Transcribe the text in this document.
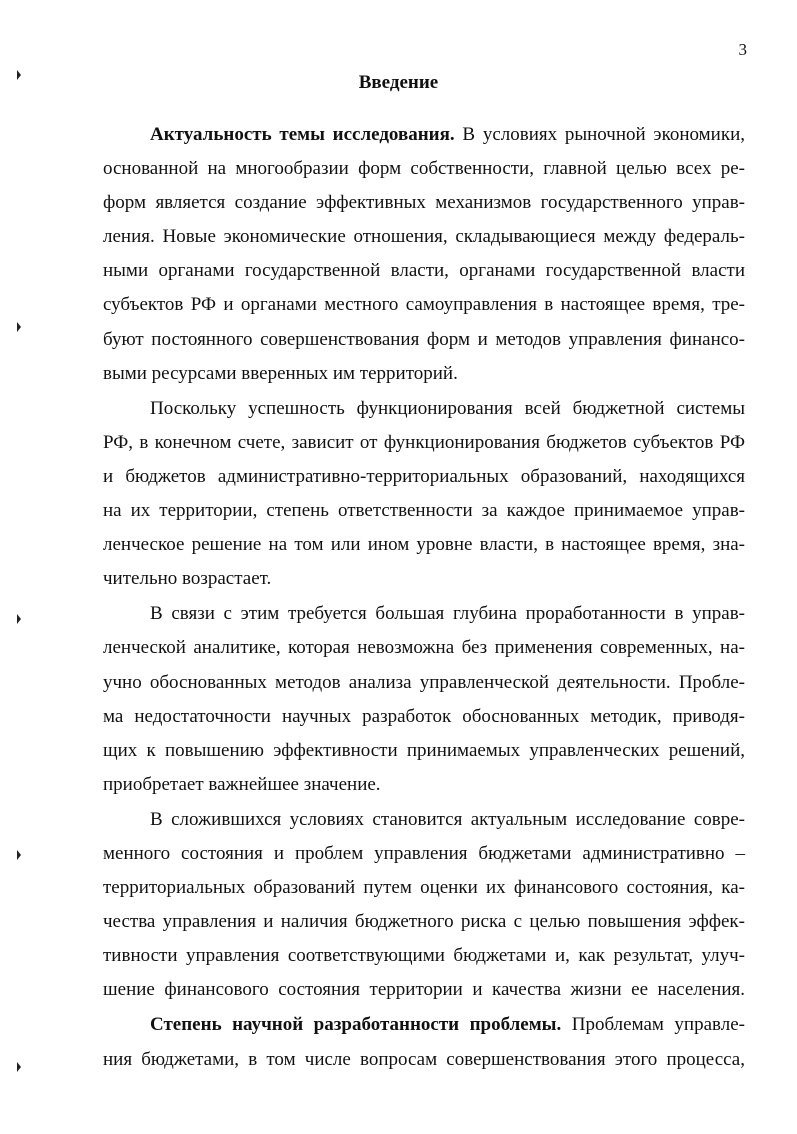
3
Введение
Актуальность темы исследования. В условиях рыночной экономики,
основанной на многообразии форм собственности, главной целью всех ре-
форм является создание эффективных механизмов государственного управ-
ления. Новые экономические отношения, складывающиеся между федераль-
ными органами государственной власти, органами государственной власти
субъектов РФ и органами местного самоуправления в настоящее время, тре-
буют постоянного совершенствования форм и методов управления финансо-
выми ресурсами вверенных им территорий.
Поскольку успешность функционирования всей бюджетной системы
РФ, в конечном счете, зависит от функционирования бюджетов субъектов РФ
и бюджетов административно-территориальных образований, находящихся
на их территории, степень ответственности за каждое принимаемое управ-
ленческое решение на том или ином уровне власти, в настоящее время, зна-
чительно возрастает.
В связи с этим требуется большая глубина проработанности в управ-
ленческой аналитике, которая невозможна без применения современных, на-
учно обоснованных методов анализа управленческой деятельности. Пробле-
ма недостаточности научных разработок обоснованных методик, приводя-
щих к повышению эффективности принимаемых управленческих решений,
приобретает важнейшее значение.
В сложившихся условиях становится актуальным исследование совре-
менного состояния и проблем управления бюджетами административно –
территориальных образований путем оценки их финансового состояния, ка-
чества управления и наличия бюджетного риска с целью повышения эффек-
тивности управления соответствующими бюджетами и, как результат, улуч-
шение финансового состояния территории и качества жизни ее населения.
Степень научной разработанности проблемы. Проблемам управле-
ния бюджетами, в том числе вопросам совершенствования этого процесса,
